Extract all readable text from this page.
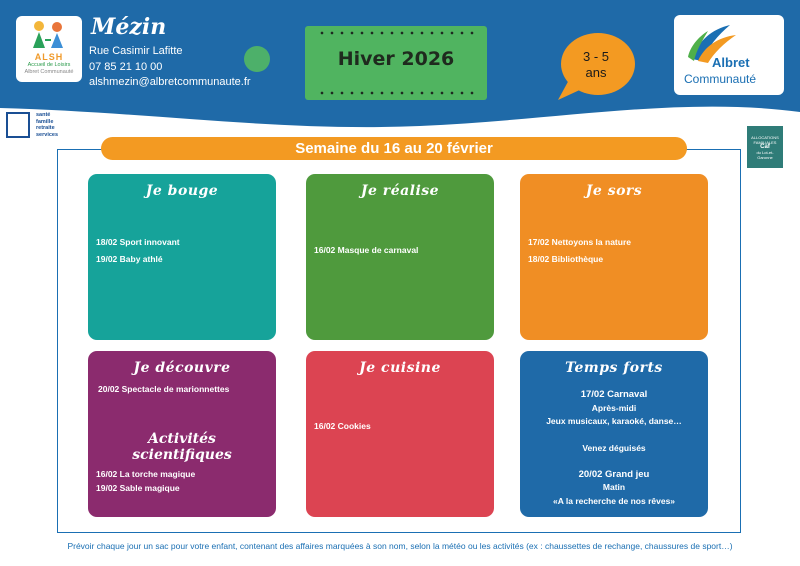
ALSH
Accueil de Loisirs
Albret Communauté
Mézin
Rue Casimir Lafitte
07 85 21 10 00
alshmezin@albretcommunaute.fr
Hiver 2026	3 - 5
ans
Albret
Communauté
santé
famille
retraite
services	ALLOCATIONS
FAMILIALES
Caf
du Lot-et-
Garonne
Semaine du 16 au 20 février
Je bouge
18/02 Sport innovant
19/02 Baby athlé
Je réalise
16/02 Masque de carnaval
Je sors
17/02 Nettoyons la nature
18/02 Bibliothèque
Je découvre
20/02 Spectacle de marionnettes
Activités
scientifiques
16/02 La torche magique
19/02 Sable magique
Je cuisine
16/02 Cookies
Temps forts
17/02 Carnaval
Après-midi
Jeux musicaux, karaoké, danse…
Venez déguisés
20/02 Grand jeu
Matin
«A la recherche de nos rêves»
Prévoir chaque jour un sac pour votre enfant, contenant des affaires marquées à son nom, selon la météo ou les activités (ex : chaussettes de rechange, chaussures de sport…)
